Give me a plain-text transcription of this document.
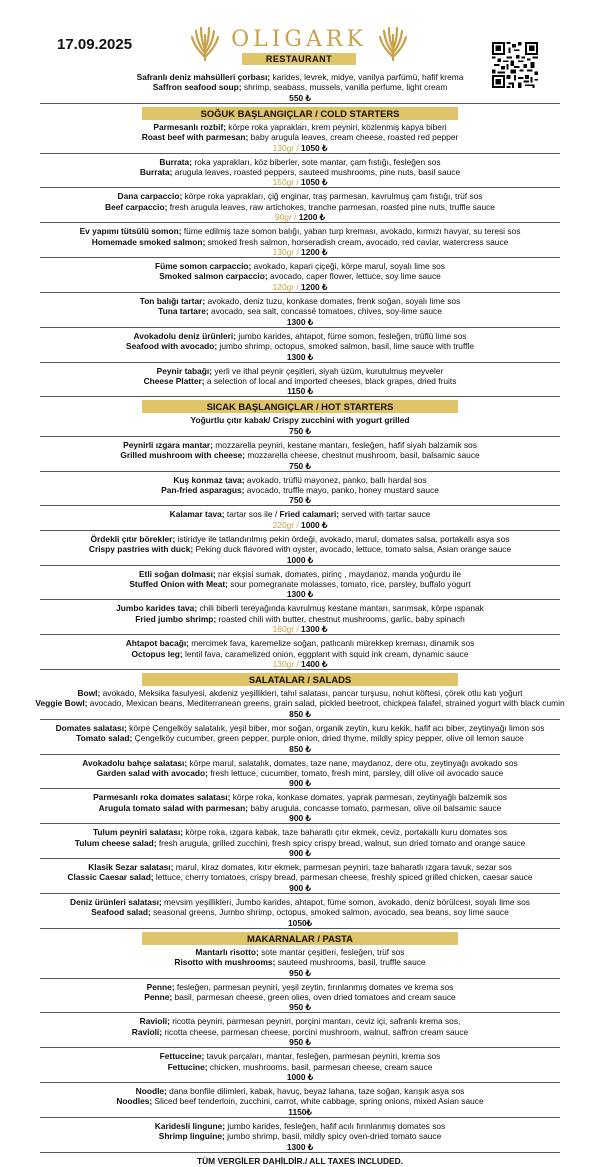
17.09.2025	OLIGARK
RESTAURANT

Safranlı deniz mahsülleri çorbası; karides, levrek, midye, vanilya parfümü, hafif krema

Saffron seafood soup; shrimp, seabass, mussels, vanilla perfume, light cream

550 ₺
SOĞUK BAŞLANGIÇLAR / COLD STARTERS

Parmesanlı rozbif; körpe roka yaprakları, krem peyniri, közlenmiş kapya biberi

Roast beef with parmesan; baby arugula leaves, cream cheese, roasted red pepper

130gr / 1050 ₺

Burrata; roka yaprakları, köz biberler, sote mantar, çam fıstığı, fesleğen sos

Burrata; arugula leaves, roasted peppers, sauteed mushrooms, pine nuts, basil sauce

150gr / 1050 ₺

Dana carpaccio; körpe roka yaprakları, çiğ enginar, traş parmesan, kavrulmuş çam fıstığı, trüf sos

Beef carpaccio; fresh arugula leaves, raw artichokes, tranche parmesan, roasted pine nuts, truffle sauce

90gr / 1200 ₺

Ev yapımı tütsülü somon; füme edilmiş taze somon balığı, yaban turp kreması, avokado, kırmızı havyar, su teresi sos

Homemade smoked salmon; smoked fresh salmon, horseradish cream, avocado, red caviar, watercress sauce

130gr / 1200 ₺

Füme somon carpaccio; avokado, kapari çiçeği, körpe marul, soyalı lime sos

Smoked salmon carpaccio; avocado, caper flower, lettuce, soy lime sauce

120gr / 1200 ₺

Ton balığı tartar; avokado, deniz tuzu, konkase domates, frenk soğan, soyalı lime sos

Tuna tartare; avocado, sea salt, concassé tomatoes, chives, soy-lime sauce

1300 ₺

Avokadolu deniz ürünleri; jumbo karides, ahtapot, füme somon, fesleğen, trüflü lime sos

Seafood with avocado; jumbo shrimp, octopus, smoked salmon, basil, lime sauce with truffle

1300 ₺

Peynir tabağı; yerli ve ithal peynir çeşitleri, siyah üzüm, kurutulmuş meyveler

Cheese Platter; a selection of local and imported cheeses, black grapes, dried fruits

1150 ₺
SICAK BAŞLANGIÇLAR / HOT STARTERS

Yoğurtlu çıtır kabak/ Crispy zucchini with yogurt grilled

750 ₺

Peynirli ızgara mantar; mozzarella peyniri, kestane mantarı, fesleğen, hafif siyah balzamik sos

Grilled mushroom with cheese; mozzarella cheese, chestnut mushroom, basil, balsamic sauce

750 ₺

Kuş konmaz tava; avokado, trüflü mayonez, panko, ballı hardal sos

Pan-fried asparagus; avocado, truffle mayo, panko, honey mustard sauce

750 ₺

Kalamar tava; tartar sos ile / Fried calamari; served with tartar sauce

220gr / 1000 ₺

Ördekli çıtır börekler; istiridye ile tatlandırılmış pekin ördeği, avokado, marul, domates salsa, portakallı asya sos

Crispy pastries with duck; Peking duck flavored with oyster, avocado, lettuce, tomato salsa, Asian orange sauce

1000 ₺

Etli soğan dolması; nar ekşisi sumak, domates, pirinç , maydanoz, manda yoğurdu ile

Stuffed Onion with Meat; sour pomegranate molasses, tomato, rice, parsley, buffalo yogurt

1300 ₺

Jumbo karides tava; chili biberli tereyağında kavrulmuş kestane mantarı, sarımsak, körpe ıspanak

Fried jumbo shrimp; roasted chili with butter, chestnut mushrooms, garlic, baby spinach

160gr / 1300 ₺

Ahtapot bacağı; mercimek fava, karemelize soğan, patlıcanlı mürekkep kreması, dinamik sos

Octopus leg; lentil fava, caramelized onion, eggplant with squid ink cream, dynamic sauce

130gr / 1400 ₺
SALATALAR / SALADS

Bowl; avokado, Meksika fasulyesi, akdeniz yeşillikleri, tahıl salatası, pancar turşusu, nohut köftesi, çörek otlu katı yoğurt

Veggie Bowl; avocado, Mexican beans, Mediterranean greens, grain salad, pickled beetroot, chickpea falafel, strained yogurt with black cumin

850 ₺

Domates salatası; körpe Çengelköy salatalık, yeşil biber, mor soğan, organik zeytin, kuru kekik, hafif acı biber, zeytinyağı limon sos

Tomato salad; Çengelköy cucumber, green pepper, purple onion, dried thyme, mildly spicy pepper, olive oil lemon sauce

850 ₺

Avokadolu bahçe salatası; körpe marul, salatalık, domates, taze nane, maydanoz, dere otu, zeytinyağı avokado sos

Garden salad with avocado; fresh lettuce, cucumber, tomato, fresh mint, parsley, dill olive oil avocado sauce

900 ₺

Parmesanlı roka domates salatası; körpe roka, konkase domates, yaprak parmesan, zeytinyağlı balzemik sos

Arugula tomato salad with parmesan; baby arugula, concasse tomato, parmesan, olive oil balsamic sauce

900 ₺

Tulum peyniri salatası; körpe roka, ızgara kabak, taze baharatlı çıtır ekmek, ceviz, portakallı kuru domates sos

Tulum cheese salad; fresh arugula, grilled zucchini, fresh spicy crispy bread, walnut, sun dried tomato and orange sauce

900 ₺

Klasik Sezar salatası; marul, kiraz domates, kıtır ekmek, parmesan peyniri, taze baharatlı ızgara tavuk, sezar sos

Classic Caesar salad; lettuce, cherry tomatoes, crispy bread, parmesan cheese, freshly spiced grilled chicken, caesar sauce

900 ₺

Deniz ürünleri salatası; mevsim yeşillikleri, Jumbo karides, ahtapot, füme somon, avokado, deniz börülcesi, soyalı lime sos

Seafood salad; seasonal greens, Jumbo shrimp, octopus, smoked salmon, avocado, sea beans, soy lime sauce

1050₺
MAKARNALAR / PASTA

Mantarlı risotto; sote mantar çeşitleri, fesleğen, trüf sos

Risotto with mushrooms; sauteed mushrooms, basil, truffle sauce

950 ₺

Penne; fesleğen, parmesan peyniri, yeşil zeytin, fırınlanmış domates ve krema sos

Penne; basil, parmesan cheese, green olies, oven dried tomatoes and cream sauce

950 ₺

Ravioli; ricotta peyniri, parmesan peyniri, porçini mantarı, ceviz içi, safranlı krema sos,

Ravioli; ricotta cheese, parmesan cheese, porcini mushroom, walnut, saffron cream sauce

950 ₺

Fettuccine; tavuk parçaları, mantar, fesleğen, parmesan peyniri, krema sos

Fettucine; chicken, mushrooms, basil, parmesan cheese, cream sauce

1000 ₺

Noodle; dana bonfile dilimleri, kabak, havuç, beyaz lahana, taze soğan, karışık asya sos

Noodles; Sliced beef tenderloin, zucchini, carrot, white cabbage, spring onions, mixed Asian sauce

1150₺

Karidesli lingune; jumbo karides, fesleğen, hafif acılı fırınlanmış domates sos

Shrimp linguine; jumbo shrimp, basil, mildly spicy oven-dried tomato sauce

1300 ₺
TÜM VERGİLER DAHİLDİR./ ALL TAXES INCLUDED.
